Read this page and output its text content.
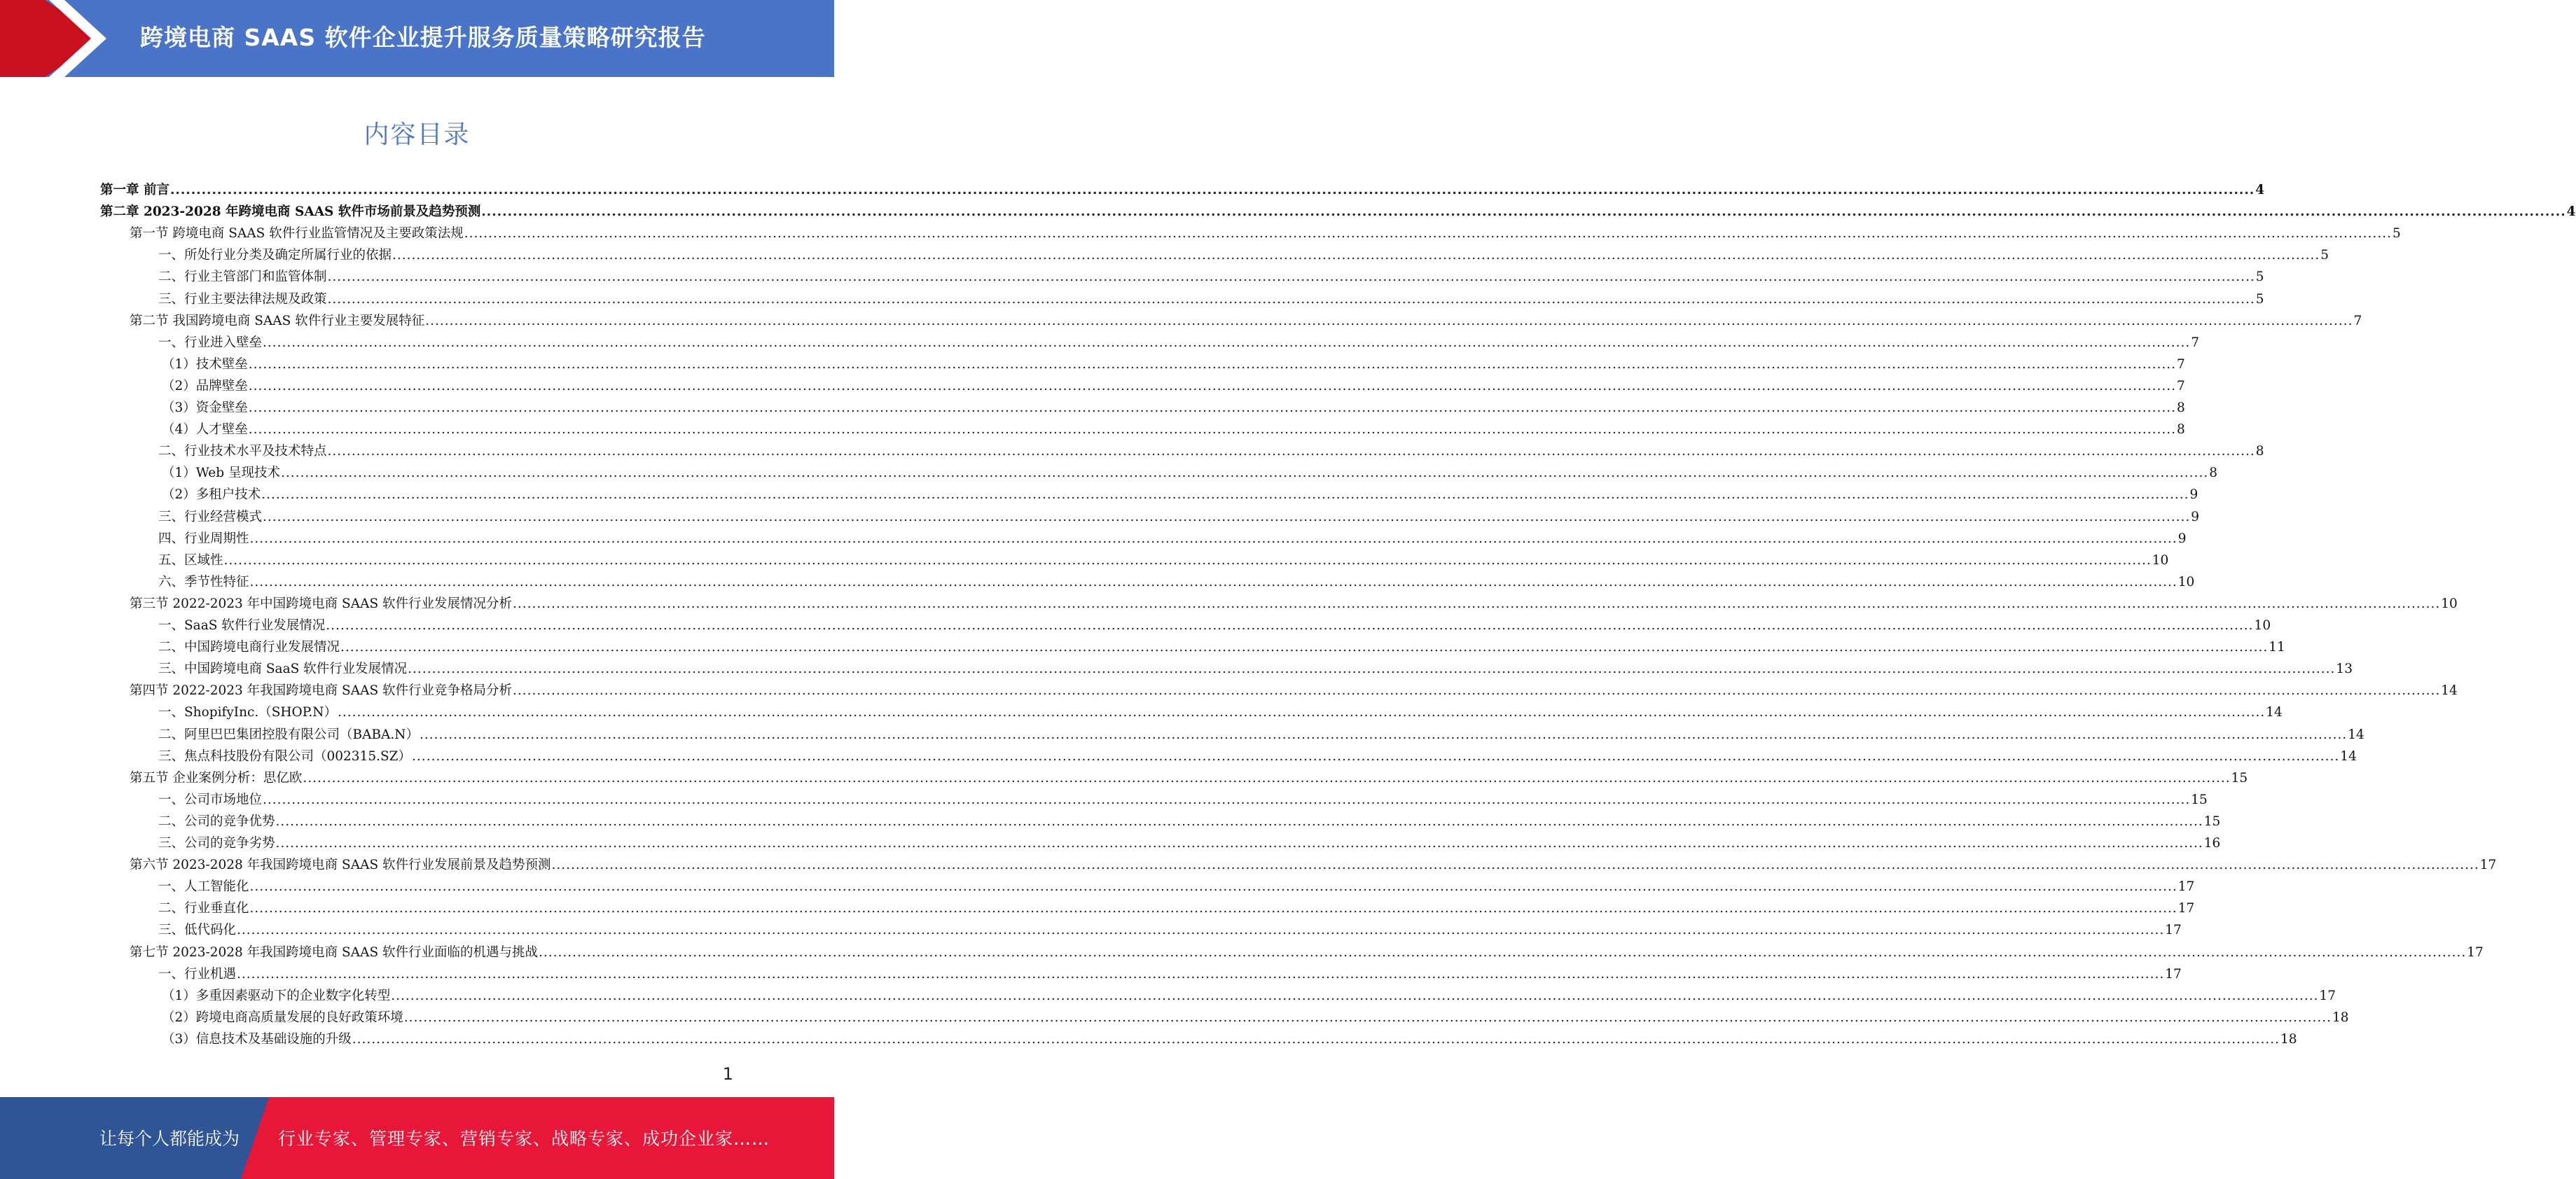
跨境电商 SAAS 软件企业提升服务质量策略研究报告
内容目录
第一章 前言 ................................................................................................................................................................................................................................................................................................................................................................................................................ 4
第二章 2023-2028 年跨境电商 SAAS 软件市场前景及趋势预测 ................................................................................................................................................................................................................................................................................................................................................................................................................ 4
第一节 跨境电商 SAAS 软件行业监管情况及主要政策法规 ................................................................................................................................................................................................................................................................................................................................................................................................................ 5
一、所处行业分类及确定所属行业的依据 ................................................................................................................................................................................................................................................................................................................................................................................................................ 5
二、行业主管部门和监管体制 ................................................................................................................................................................................................................................................................................................................................................................................................................ 5
三、行业主要法律法规及政策 ................................................................................................................................................................................................................................................................................................................................................................................................................ 5
第二节 我国跨境电商 SAAS 软件行业主要发展特征 ................................................................................................................................................................................................................................................................................................................................................................................................................ 7
一、行业进入壁垒 ................................................................................................................................................................................................................................................................................................................................................................................................................ 7
（1）技术壁垒 ................................................................................................................................................................................................................................................................................................................................................................................................................ 7
（2）品牌壁垒 ................................................................................................................................................................................................................................................................................................................................................................................................................ 7
（3）资金壁垒 ................................................................................................................................................................................................................................................................................................................................................................................................................ 8
（4）人才壁垒 ................................................................................................................................................................................................................................................................................................................................................................................................................ 8
二、行业技术水平及技术特点 ................................................................................................................................................................................................................................................................................................................................................................................................................ 8
（1）Web 呈现技术 ................................................................................................................................................................................................................................................................................................................................................................................................................ 8
（2）多租户技术 ................................................................................................................................................................................................................................................................................................................................................................................................................ 9
三、行业经营模式 ................................................................................................................................................................................................................................................................................................................................................................................................................ 9
四、行业周期性 ................................................................................................................................................................................................................................................................................................................................................................................................................ 9
五、区域性 ................................................................................................................................................................................................................................................................................................................................................................................................................ 10
六、季节性特征 ................................................................................................................................................................................................................................................................................................................................................................................................................ 10
第三节 2022-2023 年中国跨境电商 SAAS 软件行业发展情况分析 ................................................................................................................................................................................................................................................................................................................................................................................................................ 10
一、SaaS 软件行业发展情况 ................................................................................................................................................................................................................................................................................................................................................................................................................ 10
二、中国跨境电商行业发展情况 ................................................................................................................................................................................................................................................................................................................................................................................................................ 11
三、中国跨境电商 SaaS 软件行业发展情况 ................................................................................................................................................................................................................................................................................................................................................................................................................ 13
第四节 2022-2023 年我国跨境电商 SAAS 软件行业竞争格局分析 ................................................................................................................................................................................................................................................................................................................................................................................................................ 14
一、ShopifyInc.（SHOP.N） ................................................................................................................................................................................................................................................................................................................................................................................................................ 14
二、阿里巴巴集团控股有限公司（BABA.N） ................................................................................................................................................................................................................................................................................................................................................................................................................ 14
三、焦点科技股份有限公司（002315.SZ） ................................................................................................................................................................................................................................................................................................................................................................................................................ 14
第五节 企业案例分析：思亿欧 ................................................................................................................................................................................................................................................................................................................................................................................................................ 15
一、公司市场地位 ................................................................................................................................................................................................................................................................................................................................................................................................................ 15
二、公司的竞争优势 ................................................................................................................................................................................................................................................................................................................................................................................................................ 15
三、公司的竞争劣势 ................................................................................................................................................................................................................................................................................................................................................................................................................ 16
第六节 2023-2028 年我国跨境电商 SAAS 软件行业发展前景及趋势预测 ................................................................................................................................................................................................................................................................................................................................................................................................................ 17
一、人工智能化 ................................................................................................................................................................................................................................................................................................................................................................................................................ 17
二、行业垂直化 ................................................................................................................................................................................................................................................................................................................................................................................................................ 17
三、低代码化 ................................................................................................................................................................................................................................................................................................................................................................................................................ 17
第七节 2023-2028 年我国跨境电商 SAAS 软件行业面临的机遇与挑战 ................................................................................................................................................................................................................................................................................................................................................................................................................ 17
一、行业机遇 ................................................................................................................................................................................................................................................................................................................................................................................................................ 17
（1）多重因素驱动下的企业数字化转型 ................................................................................................................................................................................................................................................................................................................................................................................................................ 17
（2）跨境电商高质量发展的良好政策环境 ................................................................................................................................................................................................................................................................................................................................................................................................................ 18
（3）信息技术及基础设施的升级 ................................................................................................................................................................................................................................................................................................................................................................................................................ 18
1
让每个人都能成为 行业专家、管理专家、营销专家、战略专家、成功企业家……
